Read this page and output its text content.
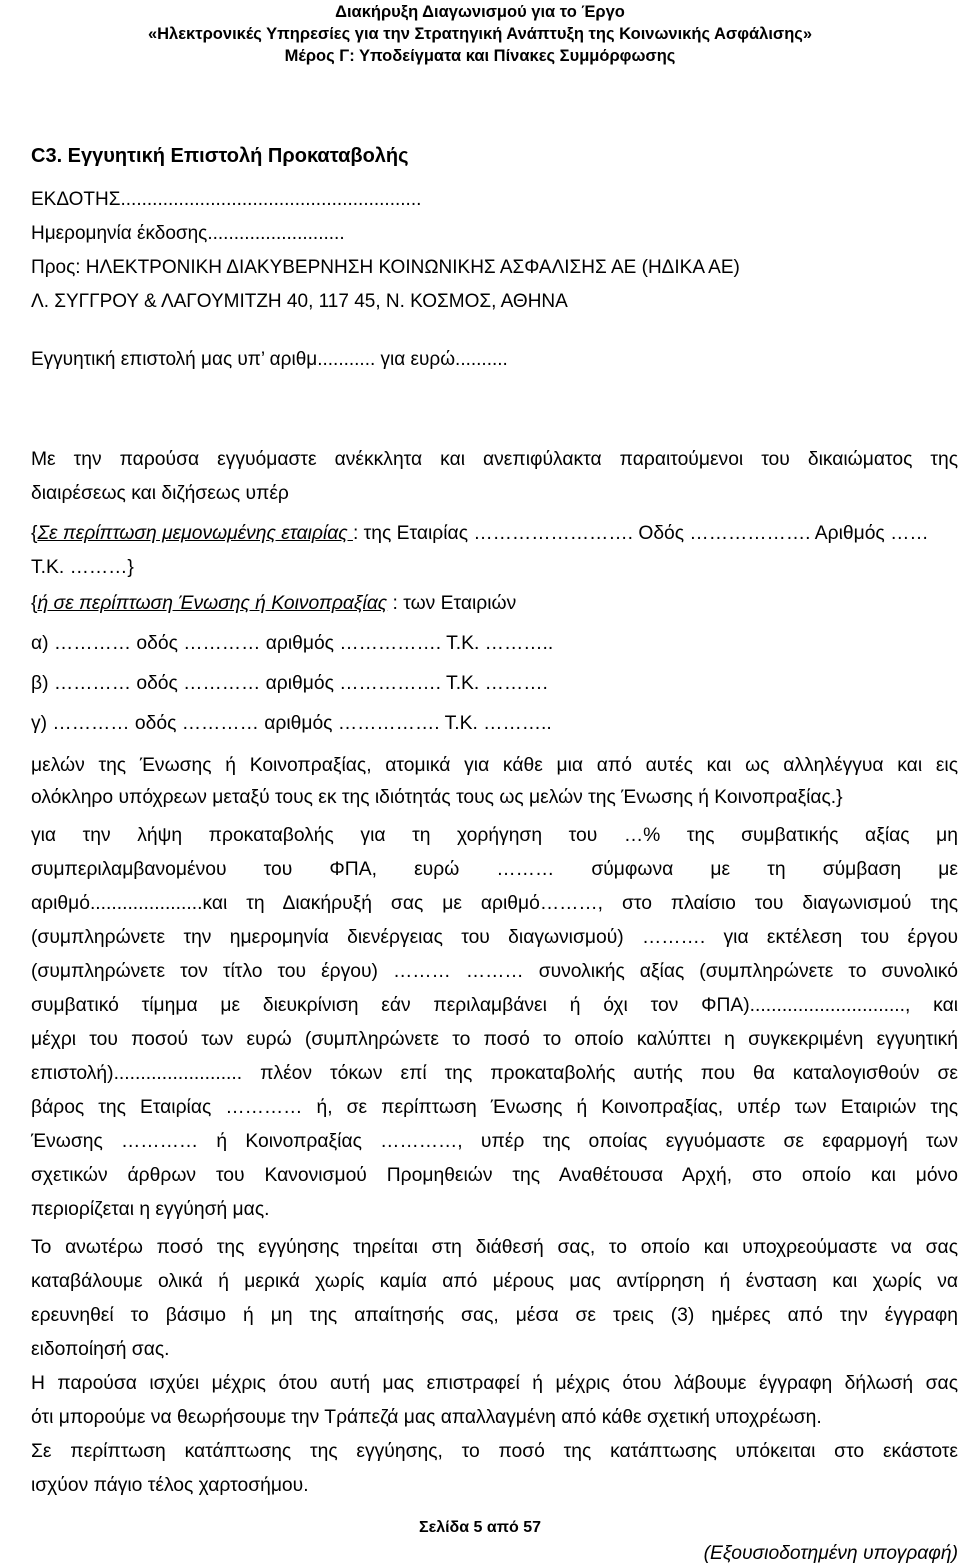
Διακήρυξη Διαγωνισμού για το Έργο
«Ηλεκτρονικές Υπηρεσίες για την Στρατηγική Ανάπτυξη της Κοινωνικής Ασφάλισης»
Μέρος Γ: Υποδείγματα και Πίνακες Συμμόρφωσης
C3. Εγγυητική Επιστολή Προκαταβολής
ΕΚΔΟΤΗΣ.........................................................
Ημερομηνία έκδοσης..........................
Προς: ΗΛΕΚΤΡΟΝΙΚΗ ΔΙΑΚΥΒΕΡΝΗΣΗ ΚΟΙΝΩΝΙΚΗΣ ΑΣΦΑΛΙΣΗΣ ΑΕ (ΗΔΙΚΑ ΑΕ)
Λ. ΣΥΓΓΡΟΥ & ΛΑΓΟΥΜΙΤΖΗ 40, 117 45, Ν. ΚΟΣΜΟΣ, ΑΘΗΝΑ
Εγγυητική επιστολή μας υπ’ αριθμ........... για ευρώ..........
Με την παρούσα εγγυόμαστε ανέκκλητα και ανεπιφύλακτα παραιτούμενοι του δικαιώματος της
διαιρέσεως και διζήσεως υπέρ
{Σε περίπτωση μεμονωμένης εταιρίας : της Εταιρίας ……………………. Οδός ………………. Αριθμός ……
Τ.Κ. ………}
{ή σε περίπτωση Ένωσης ή Κοινοπραξίας : των Εταιριών
α) ………… οδός ………… αριθμός ……………. Τ.Κ. ………..
β) ………… οδός ………… αριθμός ……………. Τ.Κ. ……….
γ) ………… οδός ………… αριθμός ……………. Τ.Κ. ………..
μελών της Ένωσης ή Κοινοπραξίας, ατομικά για κάθε μια από αυτές και ως αλληλέγγυα και εις
ολόκληρο υπόχρεων μεταξύ τους εκ της ιδιότητάς τους ως μελών της Ένωσης ή Κοινοπραξίας.}
για την λήψη προκαταβολής για τη χορήγηση του …% της συμβατικής αξίας μη
συμπεριλαμβανομένου του ΦΠΑ, ευρώ ……… σύμφωνα με τη σύμβαση με
αριθμό.....................και τη Διακήρυξή σας με αριθμό………, στο πλαίσιο του διαγωνισμού της
(συμπληρώνετε την ημερομηνία διενέργειας του διαγωνισμού) ………. για εκτέλεση του έργου
(συμπληρώνετε τον τίτλο του έργου) ……… ……… συνολικής αξίας (συμπληρώνετε το συνολικό
συμβατικό τίμημα με διευκρίνιση εάν περιλαμβάνει ή όχι τον ΦΠΑ)............................., και
μέχρι του ποσού των ευρώ (συμπληρώνετε το ποσό το οποίο καλύπτει η συγκεκριμένη εγγυητική
επιστολή)........................ πλέον τόκων επί της προκαταβολής αυτής που θα καταλογισθούν σε
βάρος της Εταιρίας ………… ή, σε περίπτωση Ένωσης ή Κοινοπραξίας, υπέρ των Εταιριών της
Ένωσης ………… ή Κοινοπραξίας …………, υπέρ της οποίας εγγυόμαστε σε εφαρμογή των
σχετικών άρθρων του Κανονισμού Προμηθειών της Αναθέτουσα Αρχή, στο οποίο και μόνο
περιορίζεται η εγγύησή μας.
Το ανωτέρω ποσό της εγγύησης τηρείται στη διάθεσή σας, το οποίο και υποχρεούμαστε να σας
καταβάλουμε ολικά ή μερικά χωρίς καμία από μέρους μας αντίρρηση ή ένσταση και χωρίς να
ερευνηθεί το βάσιμο ή μη της απαίτησής σας, μέσα σε τρεις (3) ημέρες από την έγγραφη
ειδοποίησή σας.
Η παρούσα ισχύει μέχρις ότου αυτή μας επιστραφεί ή μέχρις ότου λάβουμε έγγραφη δήλωσή σας
ότι μπορούμε να θεωρήσουμε την Τράπεζά μας απαλλαγμένη από κάθε σχετική υποχρέωση.
Σε περίπτωση κατάπτωσης της εγγύησης, το ποσό της κατάπτωσης υπόκειται στο εκάστοτε
ισχύον πάγιο τέλος χαρτοσήμου.
(Εξουσιοδοτημένη υπογραφή)
Σελίδα 5 από 57
